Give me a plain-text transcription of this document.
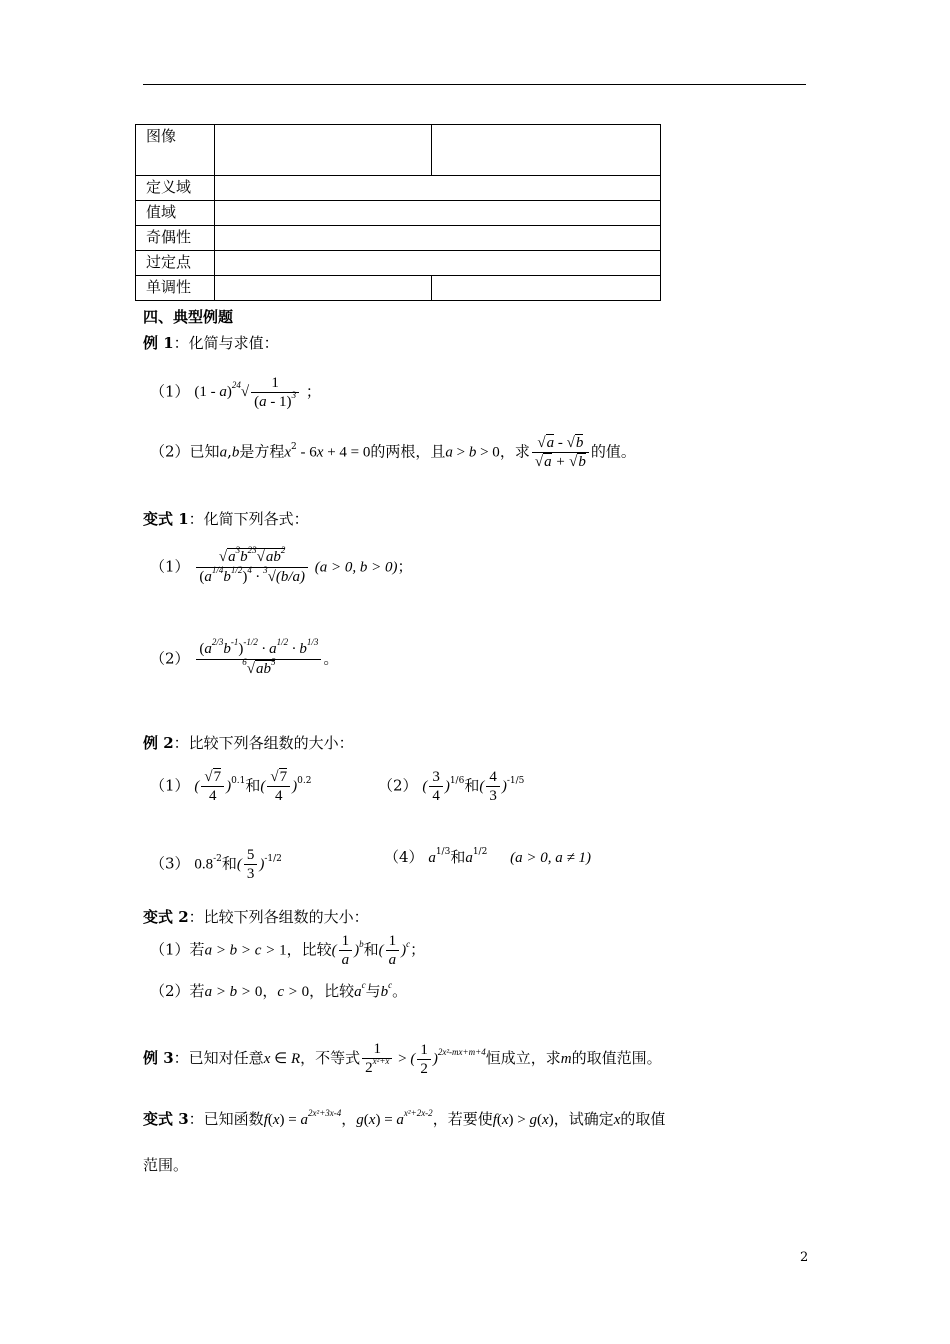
图像		
定义域		
值域		
奇偶性		
过定点		
单调性		
四、典型例题
例 1：化简与求值：
（1） $(1 - a)^{24}√ \frac{1}{(a - 1)^3}$ ；
（2）已知a,b是方程$x^2 - 6x + 4 = 0$的两根，且a > b > 0，求 $\frac{√a - √b}{√a + √b}$ 的值。
变式 1：化简下列各式：
$(1) \frac{√a^3b^{23}√ab^2}{(a^{1/4}b^{1/2})^4 \cdot ^3√(b/a)} (a > 0$, b > 0)；
$(2) \frac{(a^{2/3}b^{-1})^{-1/2} \cdot a^{1/2} \cdot b^{1/3}}{^6√ab^5}$ 。
例 2：比较下列各组数的大小：
（1） ( $\frac{√7}{4} )^{0.1}$和( $\frac{√7}{4} )^{0.2}$	（2） ( $\frac{3}{4} )^{1/6}$和( $\frac{4}{3} )^{-1/5}$
（3） $0.8^{-2}$和( $\frac{5}{3} )^{-1/2}$	（4） $a^{1/3}$和$a^{1/2}$ (a > 0, a ≠ 1)
变式 2：比较下列各组数的大小：
（1）若a > b > c > 1，比较( $\frac{1}{a} )^b$和( $\frac{1}{a} )^c$；
（2）若a > b > 0，c > 0，比较$a^c$与$b^c$。
例 3：已知对任意x ∈ R，不等式 $\frac{1}{2^{x^2+x}}$ > ( $\frac{1}{2} )^{2x^2-mx+m+4}$恒成立，求m的取值范围。
变式 3：已知函数$f(x) = a^{2x^2+3x-4}$，$g(x) = a^{x^2+2x-2}$，若要使f(x) > g(x)，试确定x的取值
范围。
2
